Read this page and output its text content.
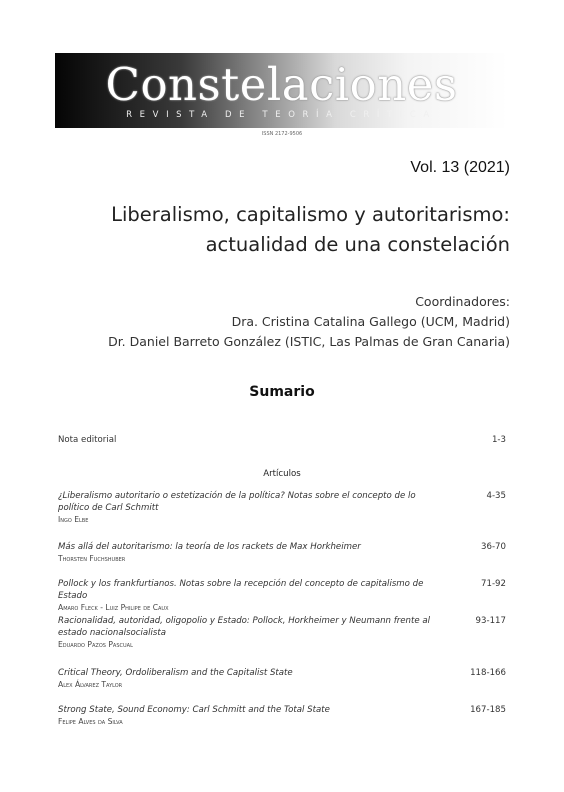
Constelaciones
REVISTA DE TEORÍA CRÍTICA
ISSN 2172-9506
Vol. 13 (2021)
Liberalismo, capitalismo y autoritarismo:
actualidad de una constelación
Coordinadores:
Dra. Cristina Catalina Gallego (UCM, Madrid)
Dr. Daniel Barreto González (ISTIC, Las Palmas de Gran Canaria)
Sumario
Nota editorial	1-3
Artículos
¿Liberalismo autoritario o estetización de la política? Notas sobre el concepto de lo político de Carl Schmitt
Ingo Elbe
4-35
Más allá del autoritarismo: la teoría de los rackets de Max Horkheimer
Thorsten Fuchshuber
36-70
Pollock y los frankfurtianos. Notas sobre la recepción del concepto de capitalismo de Estado
Amaro Fleck - Luiz Philipe de Caux
71-92
Racionalidad, autoridad, oligopolio y Estado: Pollock, Horkheimer y Neumann frente al estado nacionalsocialista
Eduardo Pazos Pascual
93-117
Critical Theory, Ordoliberalism and the Capitalist State
Alex Álvarez Taylor
118-166
Strong State, Sound Economy: Carl Schmitt and the Total State
Felipe Alves da Silva
167-185
